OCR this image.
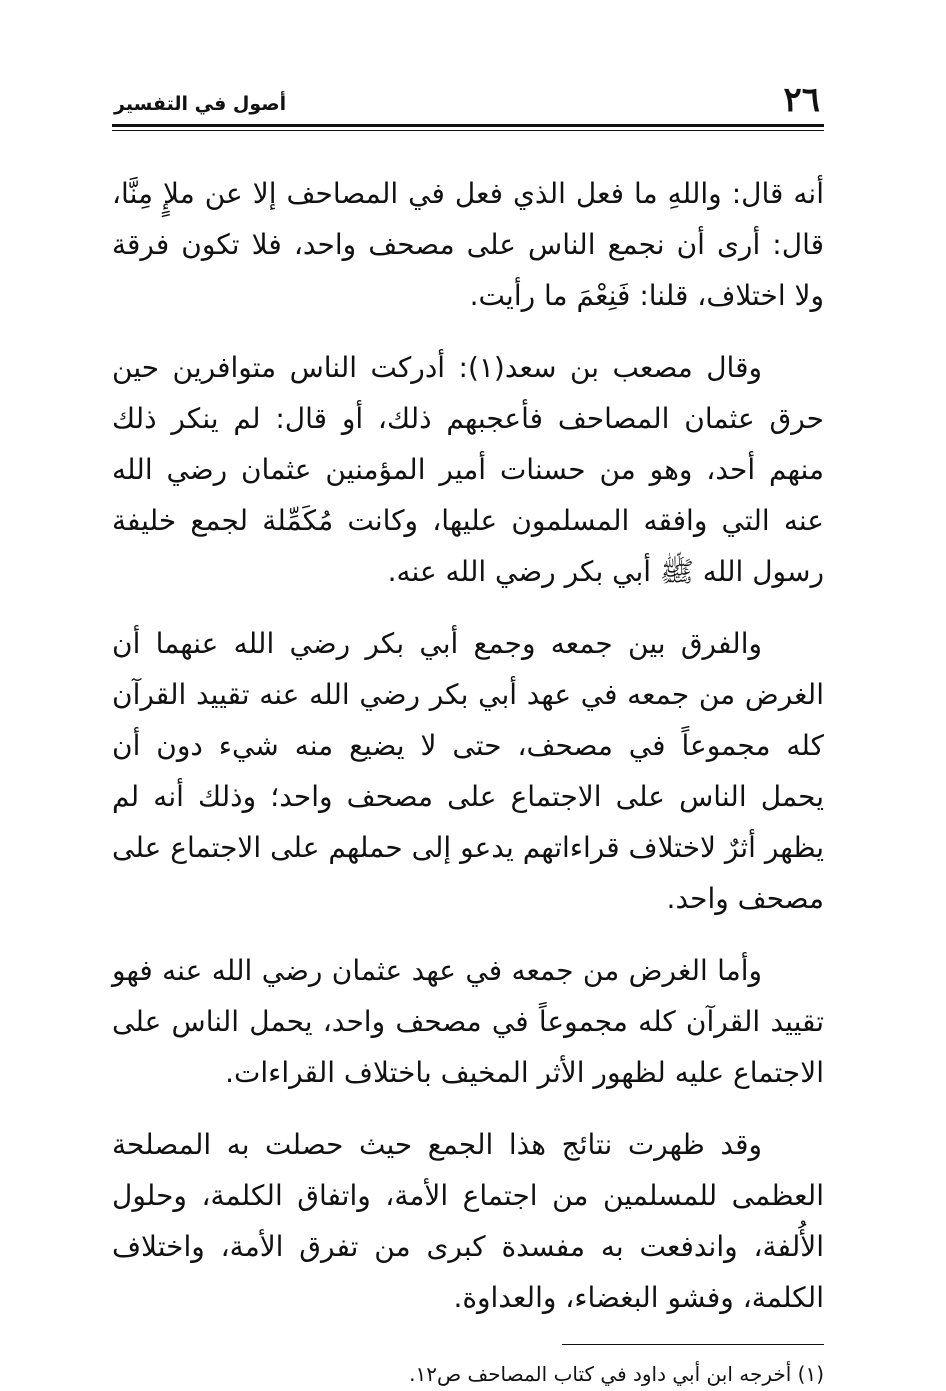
٢٦
أصول في التفسير

أنه قال: واللهِ ما فعل الذي فعل في المصاحف إلا عن ملإٍ مِنَّا، قال: أرى أن نجمع الناس على مصحف واحد، فلا تكون فرقة ولا اختلاف، قلنا: فَنِعْمَ ما رأيت.

وقال مصعب بن سعد(١): أدركت الناس متوافرين حين حرق عثمان المصاحف فأعجبهم ذلك، أو قال: لم ينكر ذلك منهم أحد، وهو من حسنات أمير المؤمنين عثمان رضي الله عنه التي وافقه المسلمون عليها، وكانت مُكَمِّلة لجمع خليفة رسول الله ﷺ أبي بكر رضي الله عنه.

والفرق بين جمعه وجمع أبي بكر رضي الله عنهما أن الغرض من جمعه في عهد أبي بكر رضي الله عنه تقييد القرآن كله مجموعاً في مصحف، حتى لا يضيع منه شيء دون أن يحمل الناس على الاجتماع على مصحف واحد؛ وذلك أنه لم يظهر أثرٌ لاختلاف قراءاتهم يدعو إلى حملهم على الاجتماع على مصحف واحد.

وأما الغرض من جمعه في عهد عثمان رضي الله عنه فهو تقييد القرآن كله مجموعاً في مصحف واحد، يحمل الناس على الاجتماع عليه لظهور الأثر المخيف باختلاف القراءات.

وقد ظهرت نتائج هذا الجمع حيث حصلت به المصلحة العظمى للمسلمين من اجتماع الأمة، واتفاق الكلمة، وحلول الأُلفة، واندفعت به مفسدة كبرى من تفرق الأمة، واختلاف الكلمة، وفشو البغضاء، والعداوة.

(١) أخرجه ابن أبي داود في كتاب المصاحف ص١٢.
